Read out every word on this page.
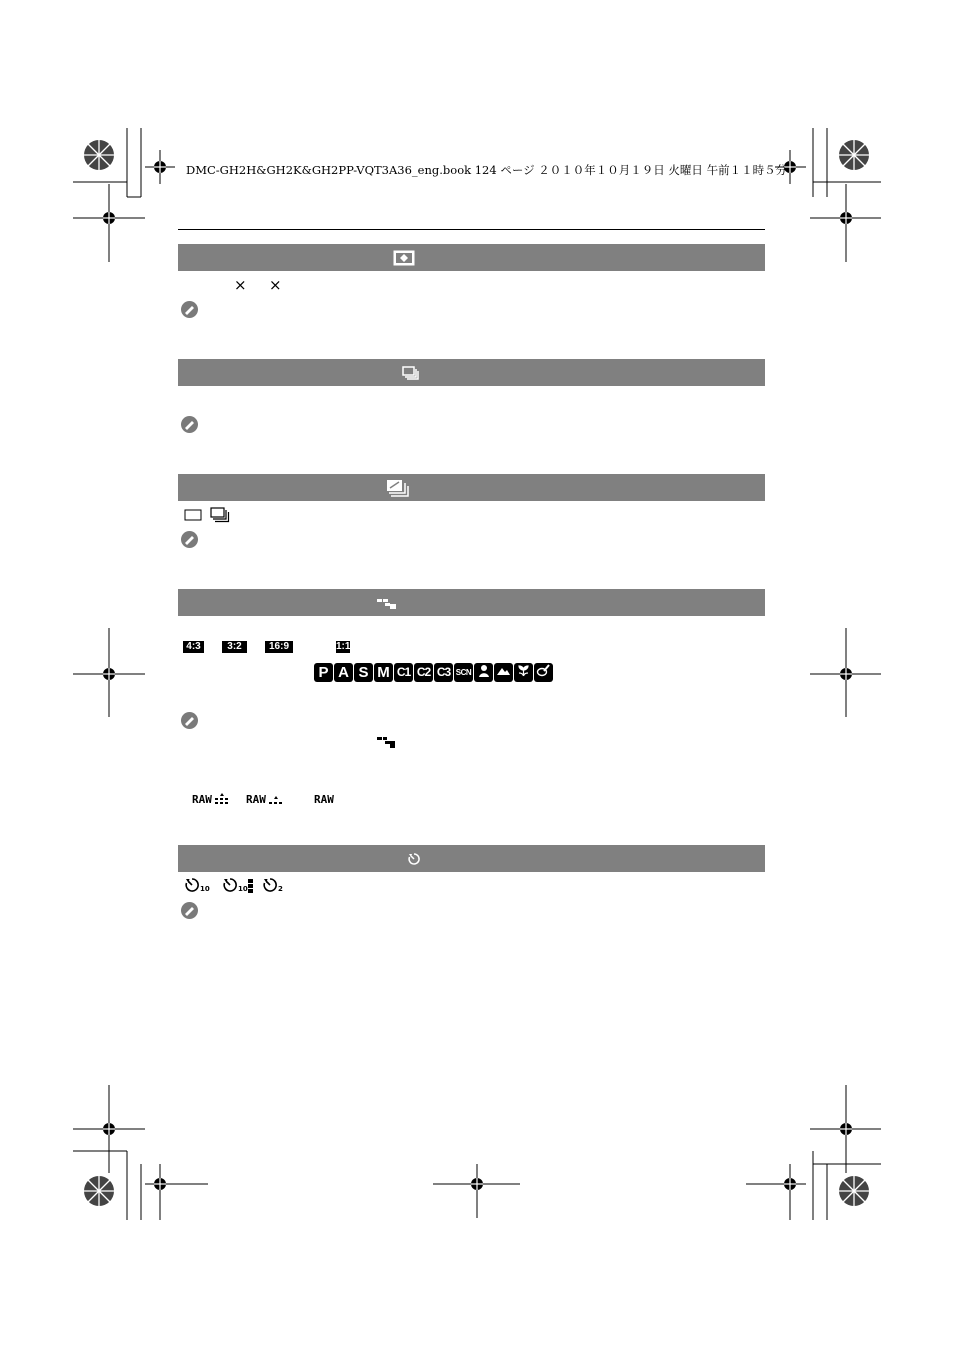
DMC-GH2H&GH2K&GH2PP-VQT3A36_eng.book 124 ページ ２０１０年１０月１９日 火曜日 午前１１時５分
× ×
4:3	3:2	16:9	1:1
P A S M C1 C2 C3 SCN
RAW	RAW	RAW
10	10	2
